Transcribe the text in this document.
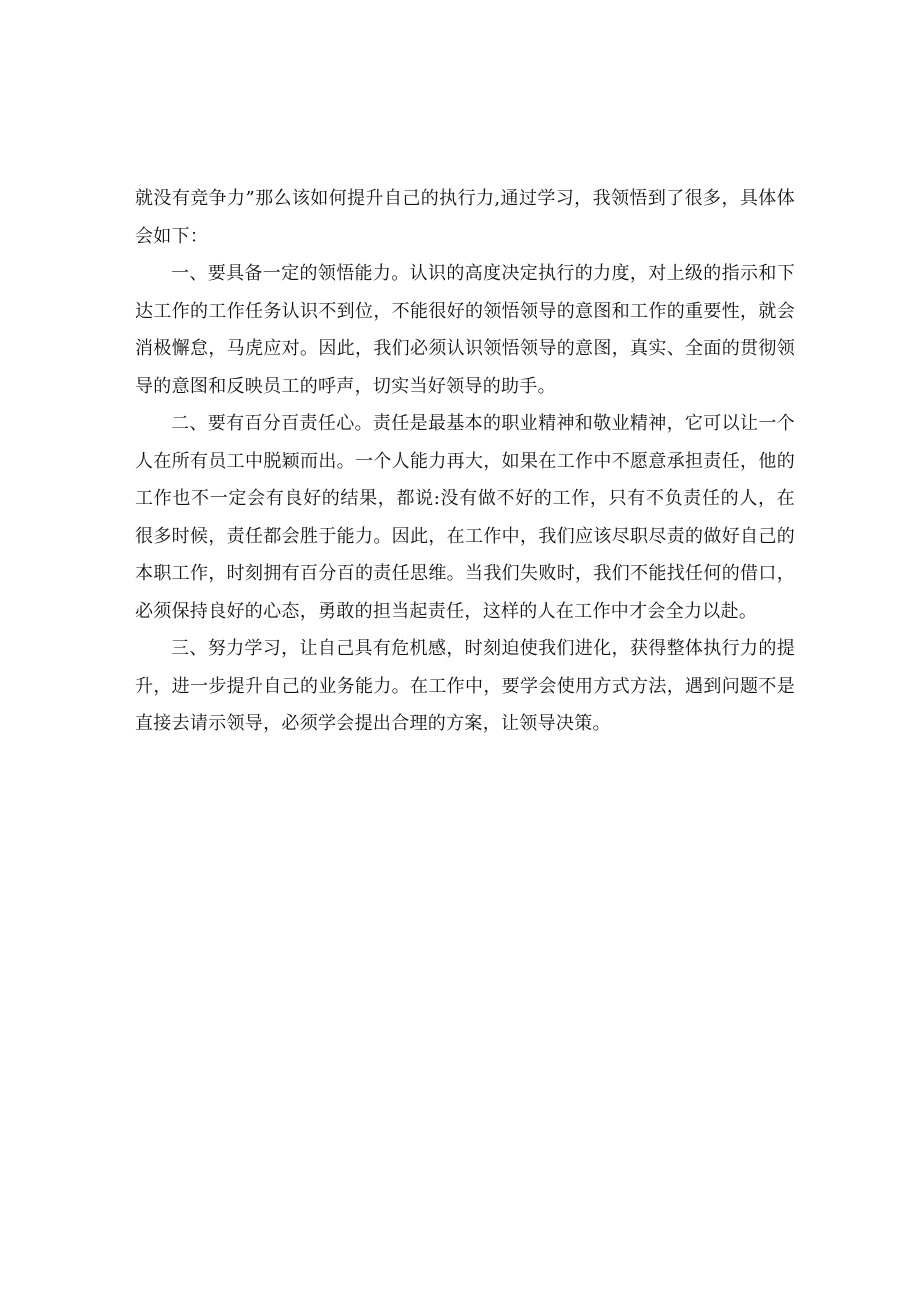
就没有竞争力”那么该如何提升自己的执行力,通过学习，我领悟到了很多，具体体会如下：

一、要具备一定的领悟能力。认识的高度决定执行的力度，对上级的指示和下达工作的工作任务认识不到位，不能很好的领悟领导的意图和工作的重要性，就会消极懈怠，马虎应对。因此，我们必须认识领悟领导的意图，真实、全面的贯彻领导的意图和反映员工的呼声，切实当好领导的助手。

二、要有百分百责任心。责任是最基本的职业精神和敬业精神，它可以让一个人在所有员工中脱颖而出。一个人能力再大，如果在工作中不愿意承担责任，他的工作也不一定会有良好的结果，都说:没有做不好的工作，只有不负责任的人，在很多时候，责任都会胜于能力。因此，在工作中，我们应该尽职尽责的做好自己的本职工作，时刻拥有百分百的责任思维。当我们失败时，我们不能找任何的借口，必须保持良好的心态，勇敢的担当起责任，这样的人在工作中才会全力以赴。

三、努力学习，让自己具有危机感，时刻迫使我们进化，获得整体执行力的提升，进一步提升自己的业务能力。在工作中，要学会使用方式方法，遇到问题不是直接去请示领导，必须学会提出合理的方案，让领导决策。
